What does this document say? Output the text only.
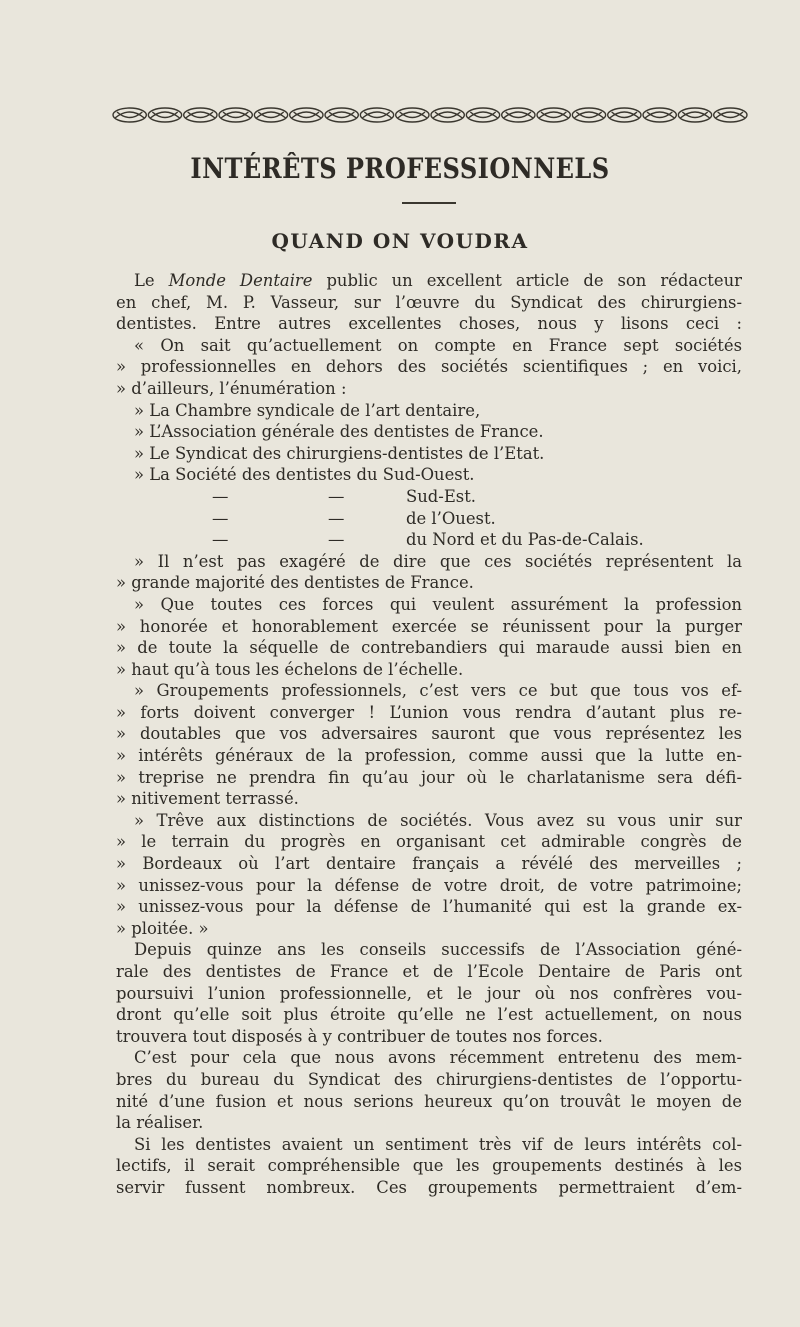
INTÉRÊTS PROFESSIONNELS
QUAND ON VOUDRA
Le Monde Dentaire public un excellent article de son rédacteur
en chef, M. P. Vasseur, sur l’œuvre du Syndicat des chirurgiens-
dentistes. Entre autres excellentes choses, nous y lisons ceci :
« On sait qu’actuellement on compte en France sept sociétés
» professionnelles en dehors des sociétés scientifiques ; en voici,
» d’ailleurs, l’énumération :
» La Chambre syndicale de l’art dentaire,
» L’Association générale des dentistes de France.
» Le Syndicat des chirurgiens-dentistes de l’Etat.
» La Société des dentistes du Sud-Ouest.
—	—	Sud-Est.
—	—	de l’Ouest.
—	—	du Nord et du Pas-de-Calais.
» Il n’est pas exagéré de dire que ces sociétés représentent la
» grande majorité des dentistes de France.
» Que toutes ces forces qui veulent assurément la profession
» honorée et honorablement exercée se réunissent pour la purger
» de toute la séquelle de contrebandiers qui maraude aussi bien en
» haut qu’à tous les échelons de l’échelle.
» Groupements professionnels, c’est vers ce but que tous vos ef-
» forts doivent converger ! L’union vous rendra d’autant plus re-
» doutables que vos adversaires sauront que vous représentez les
» intérêts généraux de la profession, comme aussi que la lutte en-
» treprise ne prendra fin qu’au jour où le charlatanisme sera défi-
» nitivement terrassé.
» Trêve aux distinctions de sociétés. Vous avez su vous unir sur
» le terrain du progrès en organisant cet admirable congrès de
» Bordeaux où l’art dentaire français a révélé des merveilles ;
» unissez-vous pour la défense de votre droit, de votre patrimoine;
» unissez-vous pour la défense de l’humanité qui est la grande ex-
» ploitée. »
Depuis quinze ans les conseils successifs de l’Association géné-
rale des dentistes de France et de l’Ecole Dentaire de Paris ont
poursuivi l’union professionnelle, et le jour où nos confrères vou-
dront qu’elle soit plus étroite qu’elle ne l’est actuellement, on nous
trouvera tout disposés à y contribuer de toutes nos forces.
C’est pour cela que nous avons récemment entretenu des mem-
bres du bureau du Syndicat des chirurgiens-dentistes de l’opportu-
nité d’une fusion et nous serions heureux qu’on trouvât le moyen de
la réaliser.
Si les dentistes avaient un sentiment très vif de leurs intérêts col-
lectifs, il serait compréhensible que les groupements destinés à les
servir fussent nombreux. Ces groupements permettraient d’em-
